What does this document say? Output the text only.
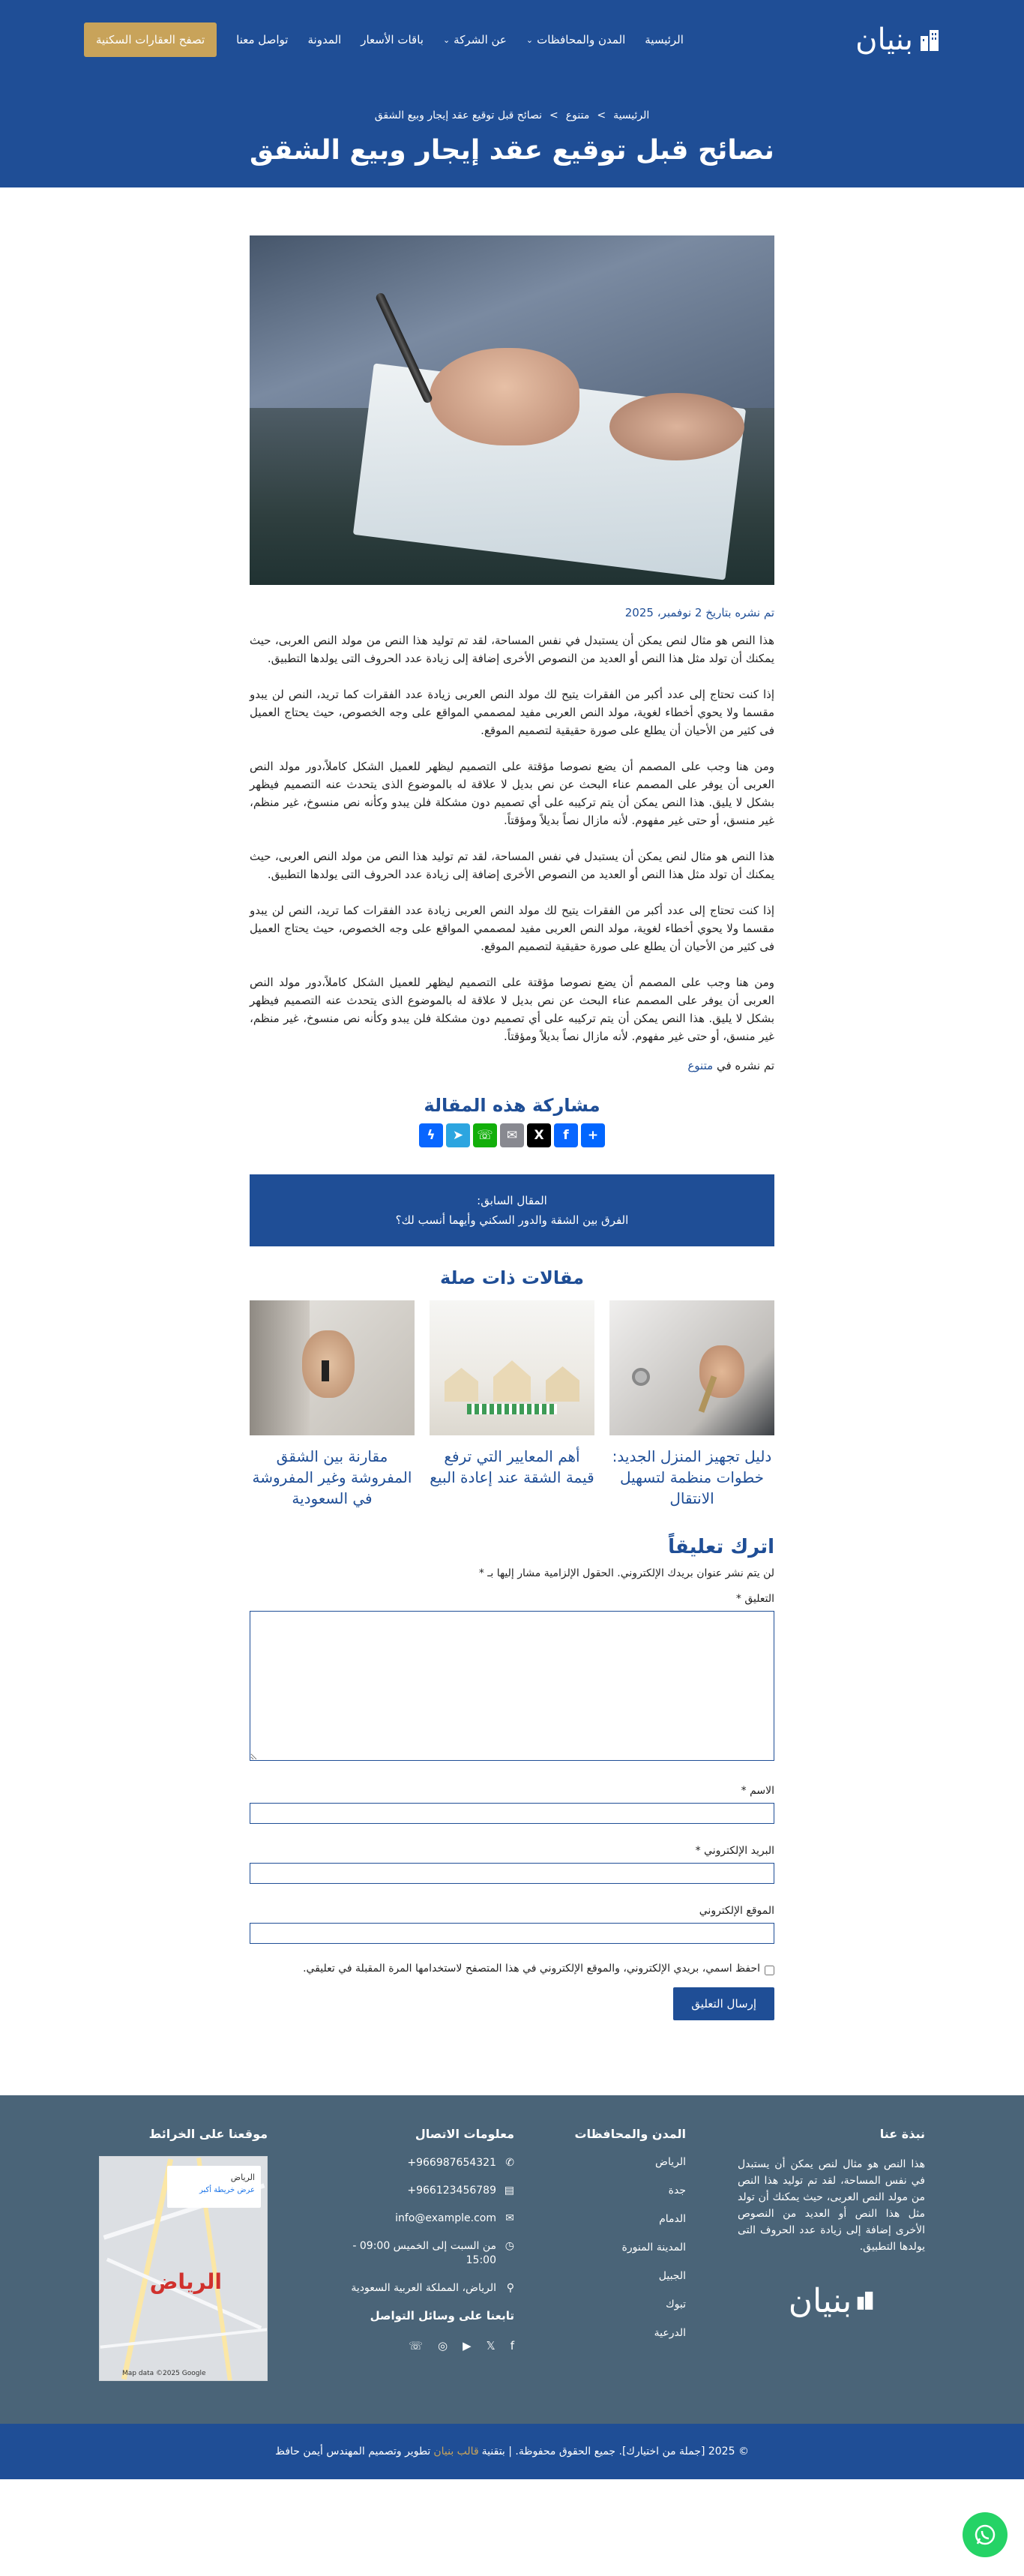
بنيان
الرئيسية
المدن والمحافظات
⌄
عن الشركة
⌄
باقات الأسعار
المدونة
تواصل معنا
تصفح العقارات السكنية
الرئيسية
>
متنوع
>
نصائح قبل توقيع عقد إيجار وبيع الشقق
نصائح قبل توقيع عقد إيجار وبيع الشقق
تم نشره بتاريخ 2 نوفمبر، 2025

هذا النص هو مثال لنص يمكن أن يستبدل في نفس المساحة، لقد تم توليد هذا النص من مولد النص العربى، حيث يمكنك أن تولد مثل هذا النص أو العديد من النصوص الأخرى إضافة إلى زيادة عدد الحروف التى يولدها التطبيق.

إذا كنت تحتاج إلى عدد أكبر من الفقرات يتيح لك مولد النص العربى زيادة عدد الفقرات كما تريد، النص لن يبدو مقسما ولا يحوي أخطاء لغوية، مولد النص العربى مفيد لمصممي المواقع على وجه الخصوص، حيث يحتاج العميل فى كثير من الأحيان أن يطلع على صورة حقيقية لتصميم الموقع.

ومن هنا وجب على المصمم أن يضع نصوصا مؤقتة على التصميم ليظهر للعميل الشكل كاملاً،دور مولد النص العربى أن يوفر على المصمم عناء البحث عن نص بديل لا علاقة له بالموضوع الذى يتحدث عنه التصميم فيظهر بشكل لا يليق. هذا النص يمكن أن يتم تركيبه على أي تصميم دون مشكلة فلن يبدو وكأنه نص منسوخ، غير منظم، غير منسق، أو حتى غير مفهوم. لأنه مازال نصاً بديلاً ومؤقتاً.

هذا النص هو مثال لنص يمكن أن يستبدل في نفس المساحة، لقد تم توليد هذا النص من مولد النص العربى، حيث يمكنك أن تولد مثل هذا النص أو العديد من النصوص الأخرى إضافة إلى زيادة عدد الحروف التى يولدها التطبيق.

إذا كنت تحتاج إلى عدد أكبر من الفقرات يتيح لك مولد النص العربى زيادة عدد الفقرات كما تريد، النص لن يبدو مقسما ولا يحوي أخطاء لغوية، مولد النص العربى مفيد لمصممي المواقع على وجه الخصوص، حيث يحتاج العميل فى كثير من الأحيان أن يطلع على صورة حقيقية لتصميم الموقع.

ومن هنا وجب على المصمم أن يضع نصوصا مؤقتة على التصميم ليظهر للعميل الشكل كاملاً،دور مولد النص العربى أن يوفر على المصمم عناء البحث عن نص بديل لا علاقة له بالموضوع الذى يتحدث عنه التصميم فيظهر بشكل لا يليق. هذا النص يمكن أن يتم تركيبه على أي تصميم دون مشكلة فلن يبدو وكأنه نص منسوخ، غير منظم، غير منسق، أو حتى غير مفهوم. لأنه مازال نصاً بديلاً ومؤقتاً.

تم نشره في متنوع
مشاركة هذه المقالة
+
f
X
✉
☏
➤
ϟ
المقال السابق:
الفرق بين الشقة والدور السكني وأيهما أنسب لك؟
مقالات ذات صلة
دليل تجهيز المنزل الجديد: خطوات منظمة لتسهيل الانتقال
أهم المعايير التي ترفع قيمة الشقة عند إعادة البيع
مقارنة بين الشقق المفروشة وغير المفروشة في السعودية
اترك تعليقاً

لن يتم نشر عنوان بريدك الإلكتروني. الحقول الإلزامية مشار إليها بـ *

التعليق *
الاسم *
البريد الإلكتروني *
الموقع الإلكتروني
احفظ اسمي، بريدي الإلكتروني، والموقع الإلكتروني في هذا المتصفح لاستخدامها المرة المقبلة في تعليقي.
إرسال التعليق
نبذة عنا

هذا النص هو مثال لنص يمكن أن يستبدل في نفس المساحة، لقد تم توليد هذا النص من مولد النص العربى، حيث يمكنك أن تولد مثل هذا النص أو العديد من النصوص الأخرى إضافة إلى زيادة عدد الحروف التى يولدها التطبيق.

بنيان
المدن والمحافظات
الرياض
جدة
الدمام
المدينة المنورة
الجبيل
تبوك
الدرعية
معلومات الاتصال
✆
+966987654321
▤
+966123456789
✉
info@example.com
◷
من السبت إلى الخميس 09:00 - 15:00
⚲
الرياض، المملكة العربية السعودية
تابعنا على وسائل التواصل
f
𝕏
▶
◎
☏
موقعنا على الخرائط
الرياض
عرض خريطة أكبر
الرياض
Map data ©2025 Google
© 2025 [جملة من اختيارك]. جميع الحقوق محفوظة. | بتقنية
قالب بنيان
تطوير وتصميم المهندس أيمن حافظ
